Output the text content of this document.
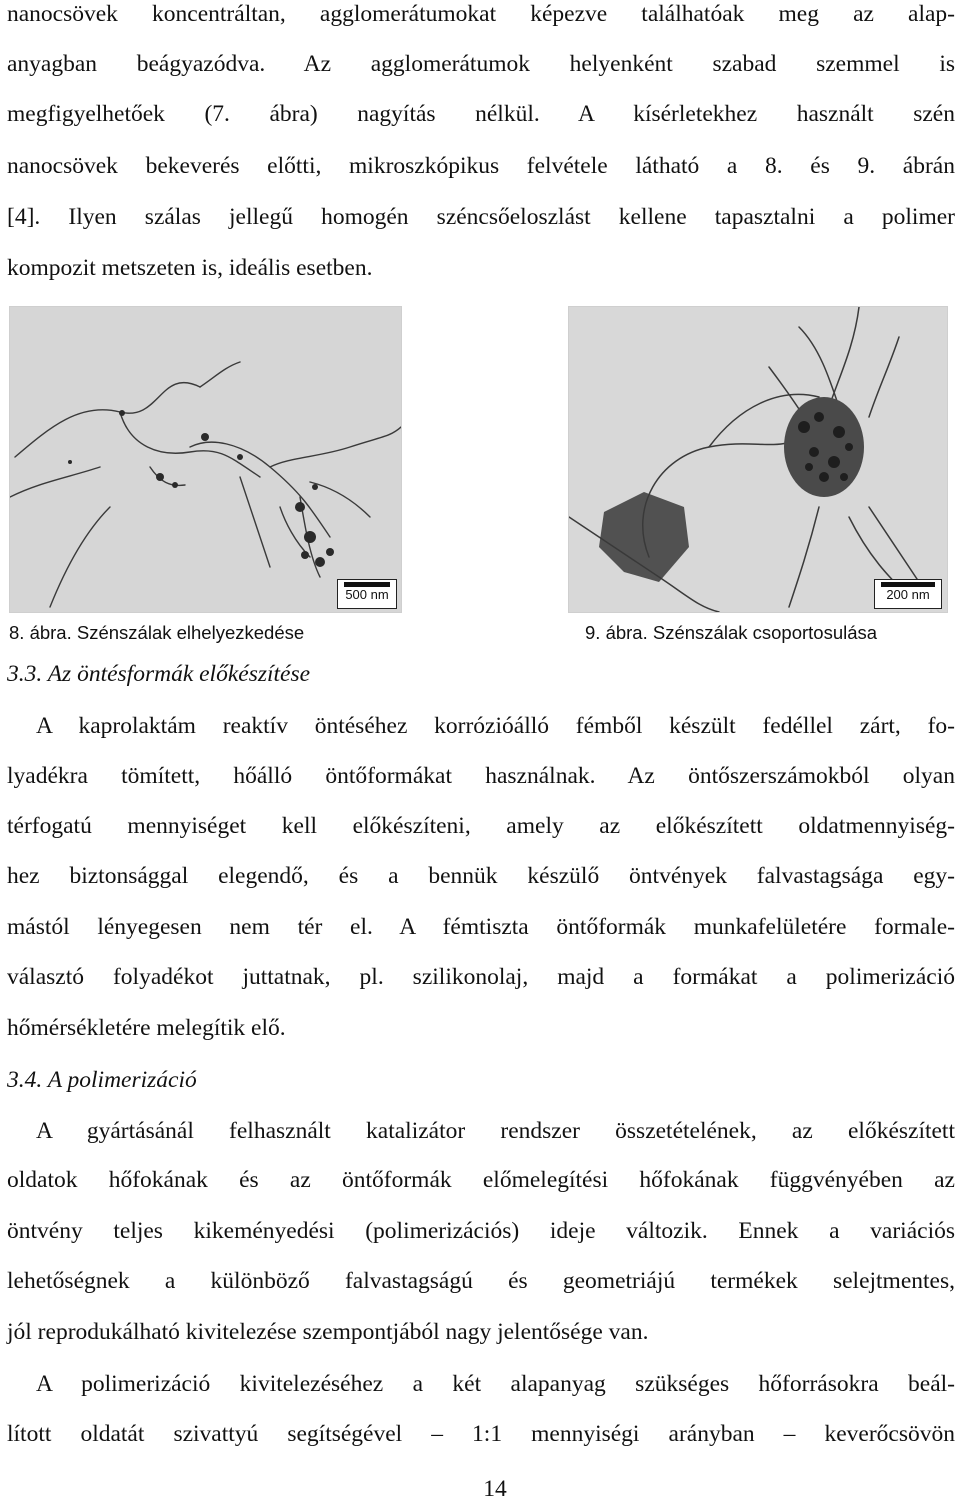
nanocsövek koncentráltan, agglomerátumokat képezve találhatóak meg az alap-
anyagban beágyazódva. Az agglomerátumok helyenként szabad szemmel is
megfigyelhetőek (7. ábra) nagyítás nélkül. A kísérletekhez használt szén
nanocsövek bekeverés előtti, mikroszkópikus felvétele látható a 8. és 9. ábrán
[4]. Ilyen szálas jellegű homogén széncsőeloszlást kellene tapasztalni a polimer
kompozit metszeten is, ideális esetben.
500 nm	200 nm
8. ábra. Szénszálak elhelyezkedése	9. ábra. Szénszálak csoportosulása
3.3. Az öntésformák előkészítése
A kaprolaktám reaktív öntéséhez korrózióálló fémből készült fedéllel zárt, fo-
lyadékra tömített, hőálló öntőformákat használnak. Az öntőszerszámokból olyan
térfogatú mennyiséget kell előkészíteni, amely az előkészített oldatmennyiség-
hez biztonsággal elegendő, és a bennük készülő öntvények falvastagsága egy-
mástól lényegesen nem tér el. A fémtiszta öntőformák munkafelületére formale-
választó folyadékot juttatnak, pl. szilikonolaj, majd a formákat a polimerizáció
hőmérsékletére melegítik elő.
3.4. A polimerizáció
A gyártásánál felhasznált katalizátor rendszer összetételének, az előkészített
oldatok hőfokának és az öntőformák előmelegítési hőfokának függvényében az
öntvény teljes kikeményedési (polimerizációs) ideje változik. Ennek a variációs
lehetőségnek a különböző falvastagságú és geometriájú termékek selejtmentes,
jól reprodukálható kivitelezése szempontjából nagy jelentősége van.
A polimerizáció kivitelezéséhez a két alapanyag szükséges hőforrásokra beál-
lított oldatát szivattyú segítségével – 1:1 mennyiségi arányban – keverőcsövön
14
